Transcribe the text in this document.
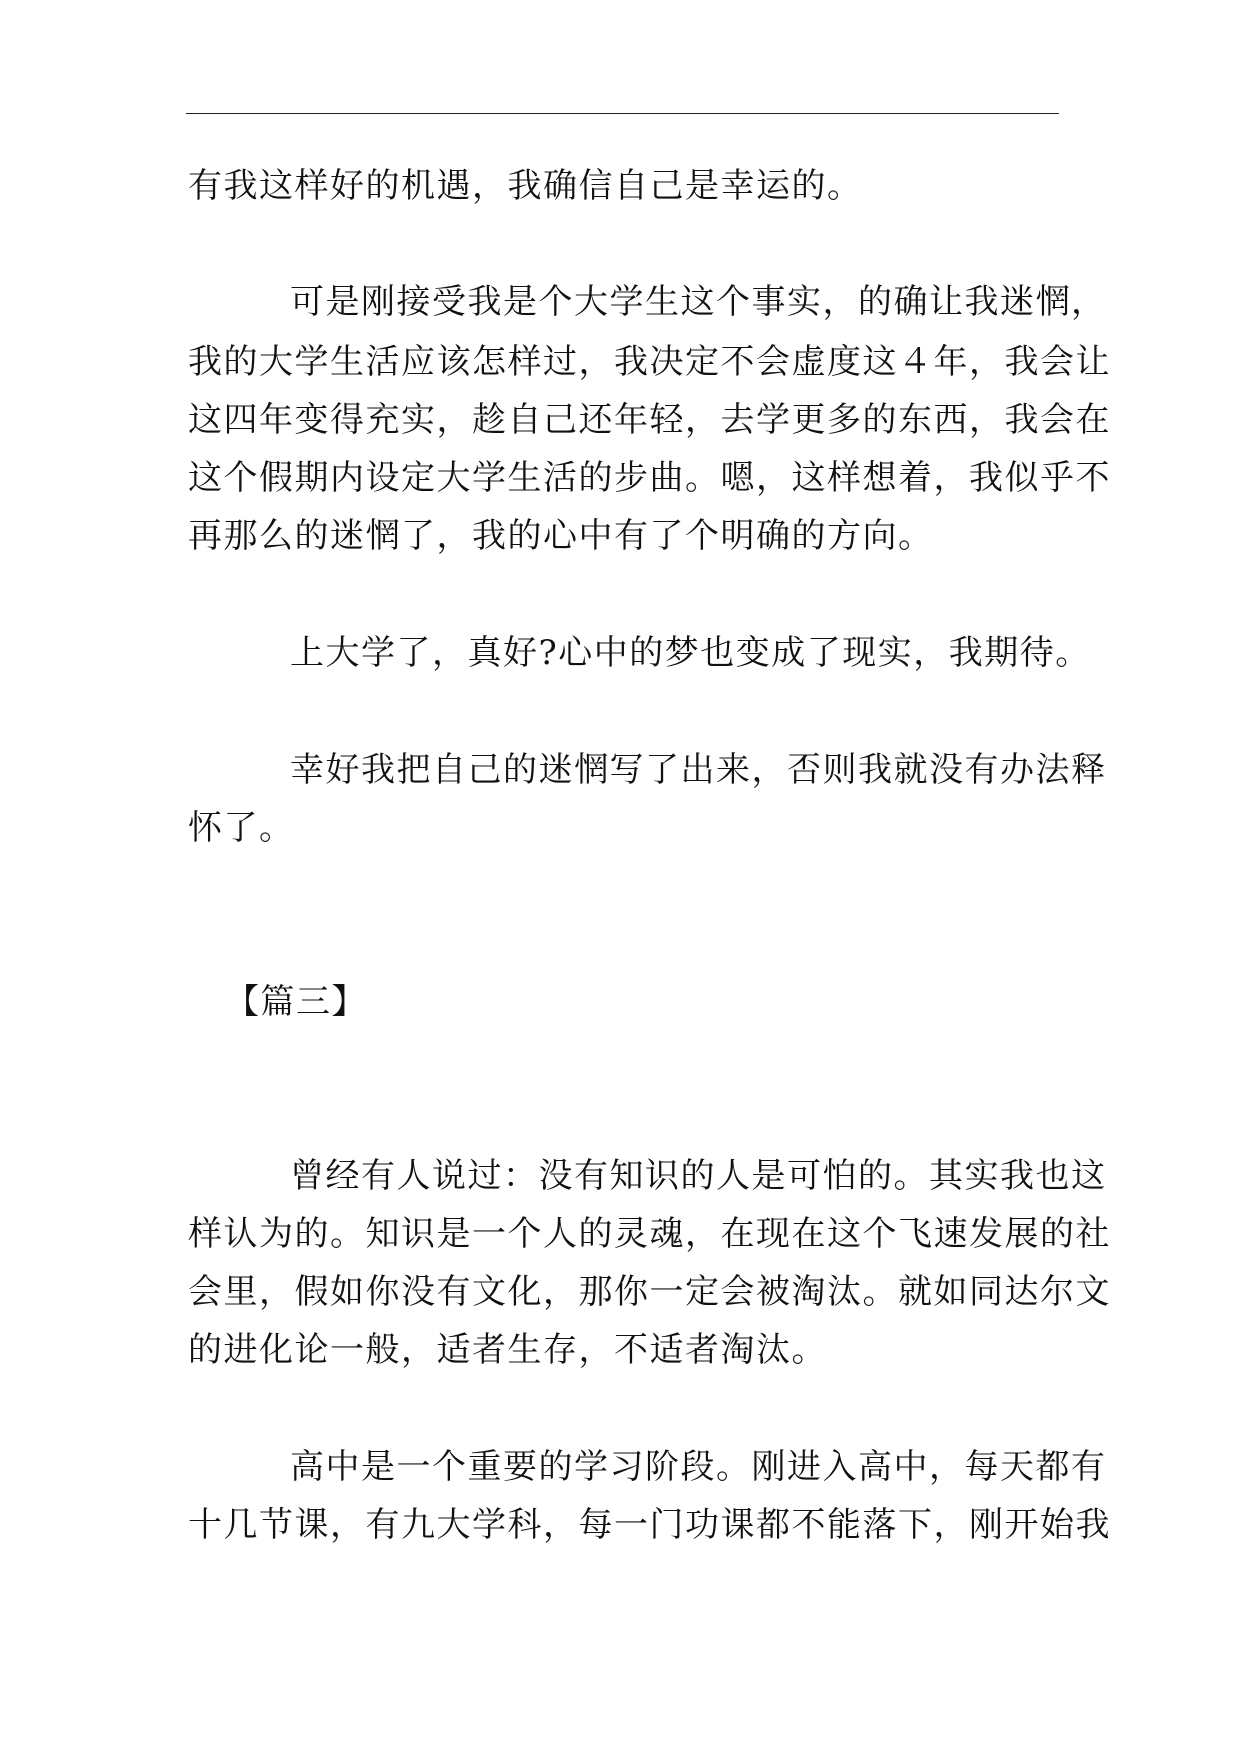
有我这样好的机遇，我确信自己是幸运的。
可是刚接受我是个大学生这个事实，的确让我迷惘，
我的大学生活应该怎样过，我决定不会虚度这４年，我会让
这四年变得充实，趁自己还年轻，去学更多的东西，我会在
这个假期内设定大学生活的步曲。嗯，这样想着，我似乎不
再那么的迷惘了，我的心中有了个明确的方向。
上大学了，真好?心中的梦也变成了现实，我期待。
幸好我把自己的迷惘写了出来，否则我就没有办法释
怀了。
【篇三】
曾经有人说过：没有知识的人是可怕的。其实我也这
样认为的。知识是一个人的灵魂，在现在这个飞速发展的社
会里，假如你没有文化，那你一定会被淘汰。就如同达尔文
的进化论一般，适者生存，不适者淘汰。
高中是一个重要的学习阶段。刚进入高中，每天都有
十几节课，有九大学科，每一门功课都不能落下，刚开始我
